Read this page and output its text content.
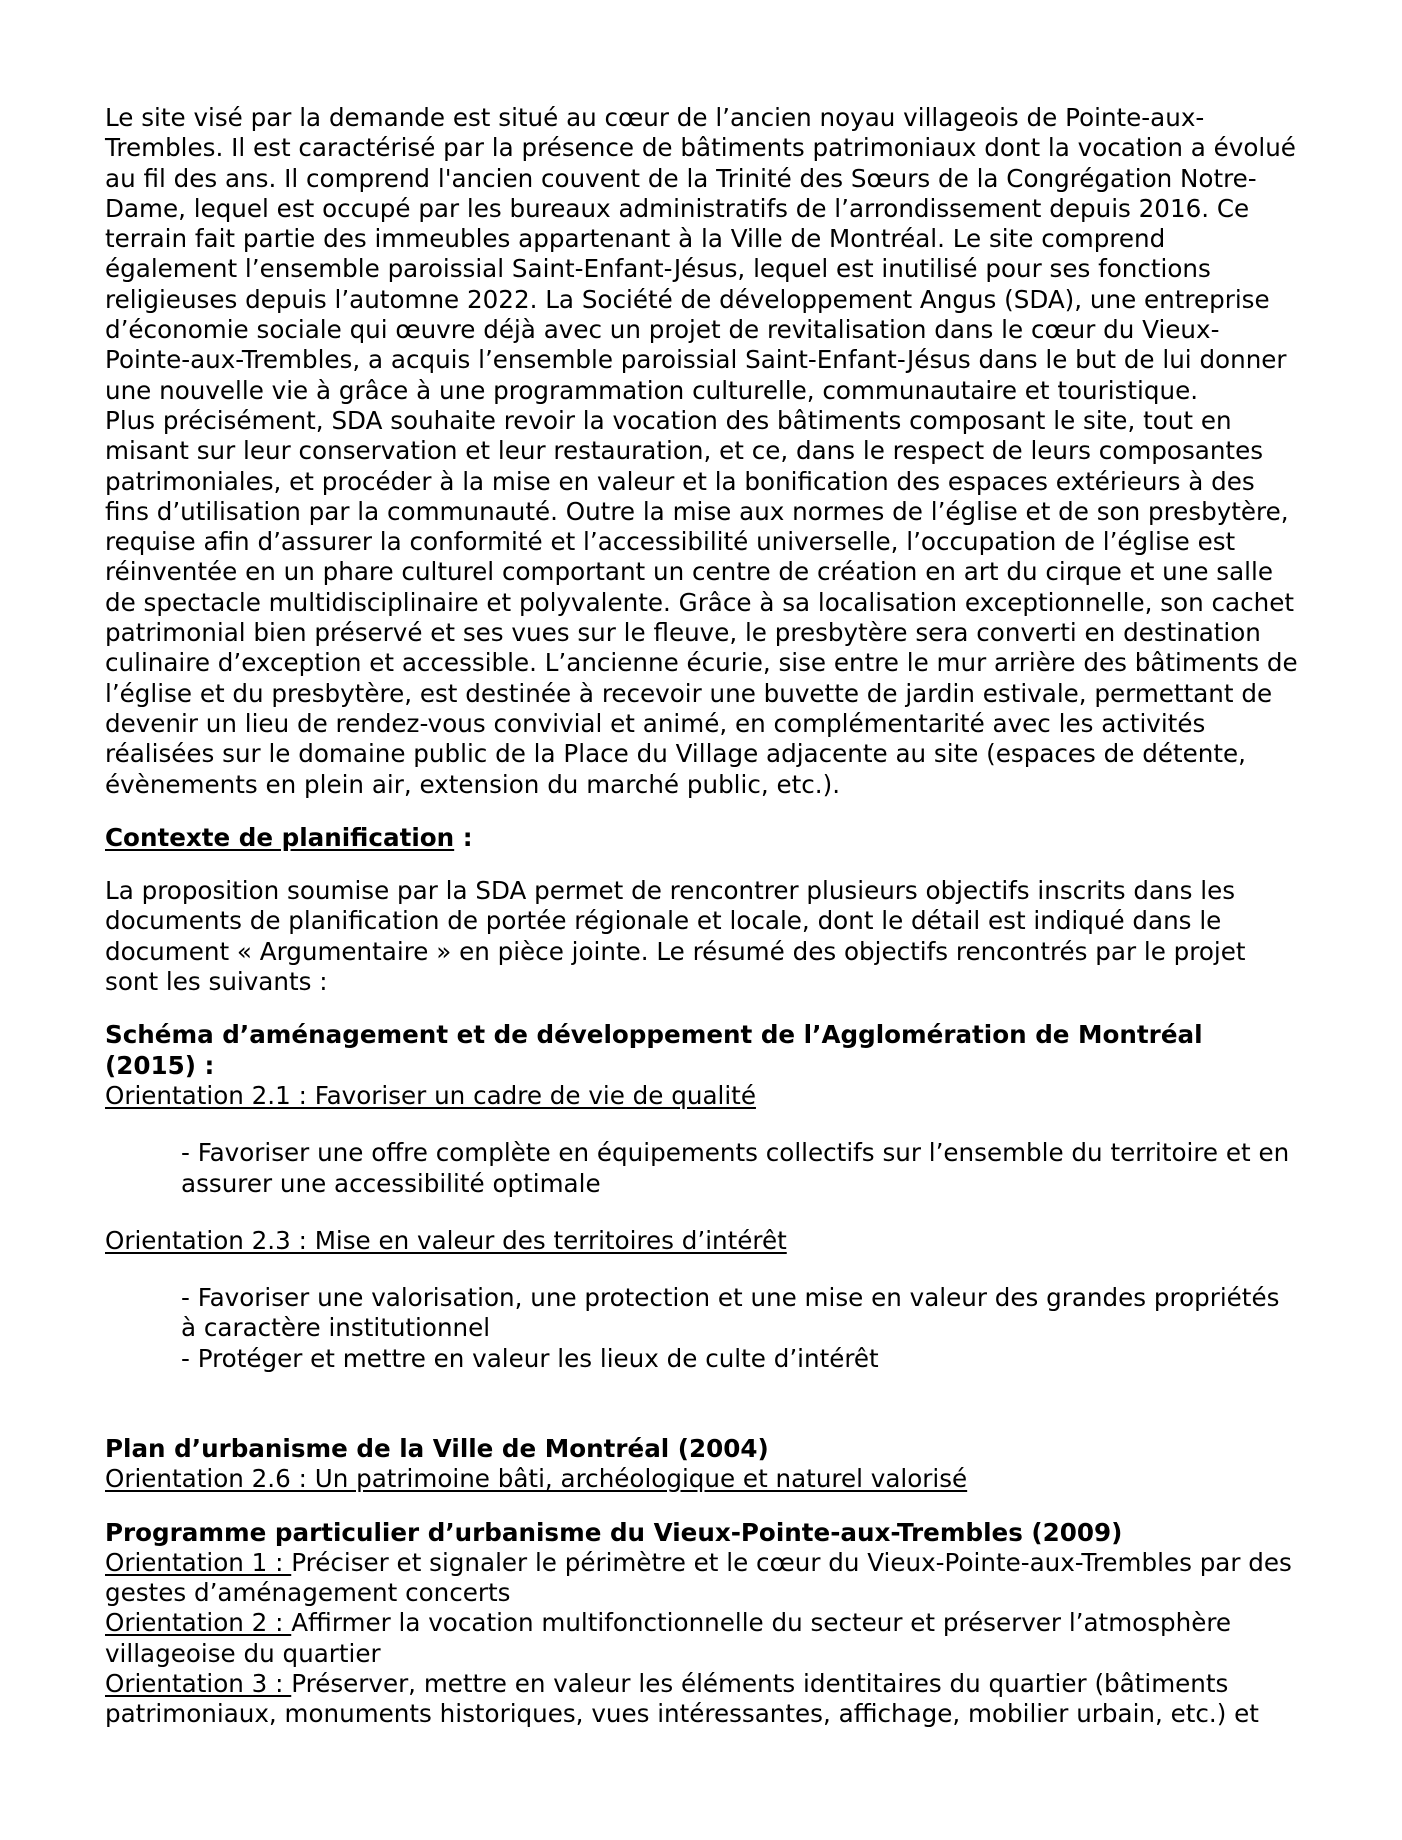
Le site visé par la demande est situé au cœur de l’ancien noyau villageois de Pointe-aux-Trembles. Il est caractérisé par la présence de bâtiments patrimoniaux dont la vocation a évolué au fil des ans. Il comprend l'ancien couvent de la Trinité des Sœurs de la Congrégation Notre-Dame, lequel est occupé par les bureaux administratifs de l’arrondissement depuis 2016. Ce terrain fait partie des immeubles appartenant à la Ville de Montréal. Le site comprend également l’ensemble paroissial Saint-Enfant-Jésus, lequel est inutilisé pour ses fonctions religieuses depuis l’automne 2022. La Société de développement Angus (SDA), une entreprise d’économie sociale qui œuvre déjà avec un projet de revitalisation dans le cœur du Vieux-Pointe-aux-Trembles, a acquis l’ensemble paroissial Saint-Enfant-Jésus dans le but de lui donner une nouvelle vie à grâce à une programmation culturelle, communautaire et touristique.

Plus précisément, SDA souhaite revoir la vocation des bâtiments composant le site, tout en misant sur leur conservation et leur restauration, et ce, dans le respect de leurs composantes patrimoniales, et procéder à la mise en valeur et la bonification des espaces extérieurs à des fins d’utilisation par la communauté. Outre la mise aux normes de l’église et de son presbytère, requise afin d’assurer la conformité et l’accessibilité universelle, l’occupation de l’église est réinventée en un phare culturel comportant un centre de création en art du cirque et une salle de spectacle multidisciplinaire et polyvalente. Grâce à sa localisation exceptionnelle, son cachet patrimonial bien préservé et ses vues sur le fleuve, le presbytère sera converti en destination culinaire d’exception et accessible. L’ancienne écurie, sise entre le mur arrière des bâtiments de l’église et du presbytère, est destinée à recevoir une buvette de jardin estivale, permettant de devenir un lieu de rendez-vous convivial et animé, en complémentarité avec les activités réalisées sur le domaine public de la Place du Village adjacente au site (espaces de détente, évènements en plein air, extension du marché public, etc.).

Contexte de planification :

La proposition soumise par la SDA permet de rencontrer plusieurs objectifs inscrits dans les documents de planification de portée régionale et locale, dont le détail est indiqué dans le document « Argumentaire » en pièce jointe. Le résumé des objectifs rencontrés par le projet sont les suivants :

Schéma d’aménagement et de développement de l’Agglomération de Montréal (2015) :

Orientation 2.1 : Favoriser un cadre de vie de qualité

- Favoriser une offre complète en équipements collectifs sur l’ensemble du territoire et en assurer une accessibilité optimale

Orientation 2.3 : Mise en valeur des territoires d’intérêt

- Favoriser une valorisation, une protection et une mise en valeur des grandes propriétés à caractère institutionnel

- Protéger et mettre en valeur les lieux de culte d’intérêt

Plan d’urbanisme de la Ville de Montréal (2004)

Orientation 2.6 : Un patrimoine bâti, archéologique et naturel valorisé

Programme particulier d’urbanisme du Vieux-Pointe-aux-Trembles (2009)

Orientation 1 : Préciser et signaler le périmètre et le cœur du Vieux-Pointe-aux-Trembles par des gestes d’aménagement concerts

Orientation 2 : Affirmer la vocation multifonctionnelle du secteur et préserver l’atmosphère villageoise du quartier

Orientation 3 : Préserver, mettre en valeur les éléments identitaires du quartier (bâtiments patrimoniaux, monuments historiques, vues intéressantes, affichage, mobilier urbain, etc.) et
